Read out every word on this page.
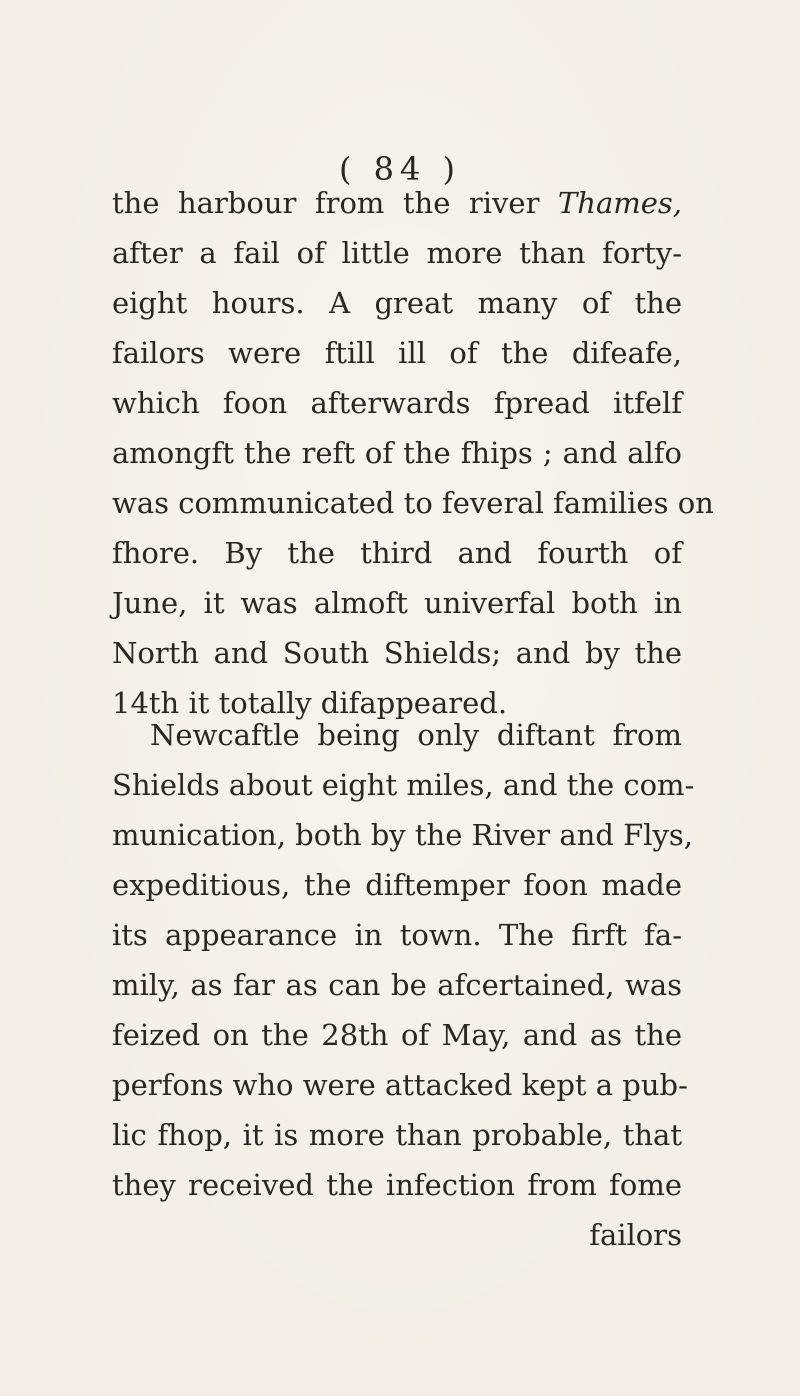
( 84 )
the harbour from the river Thames,
after a fail of little more than forty-
eight hours. A great many of the
failors were ftill ill of the difeafe,
which foon afterwards fpread itfelf
amongft the reft of the fhips ; and alfo
was communicated to feveral families on
fhore. By the third and fourth of
June, it was almoft univerfal both in
North and South Shields; and by the
14th it totally difappeared.
Newcaftle being only diftant from
Shields about eight miles, and the com-
munication, both by the River and Flys,
expeditious, the diftemper foon made
its appearance in town. The firft fa-
mily, as far as can be afcertained, was
feized on the 28th of May, and as the
perfons who were attacked kept a pub-
lic fhop, it is more than probable, that
they received the infection from fome
failors
